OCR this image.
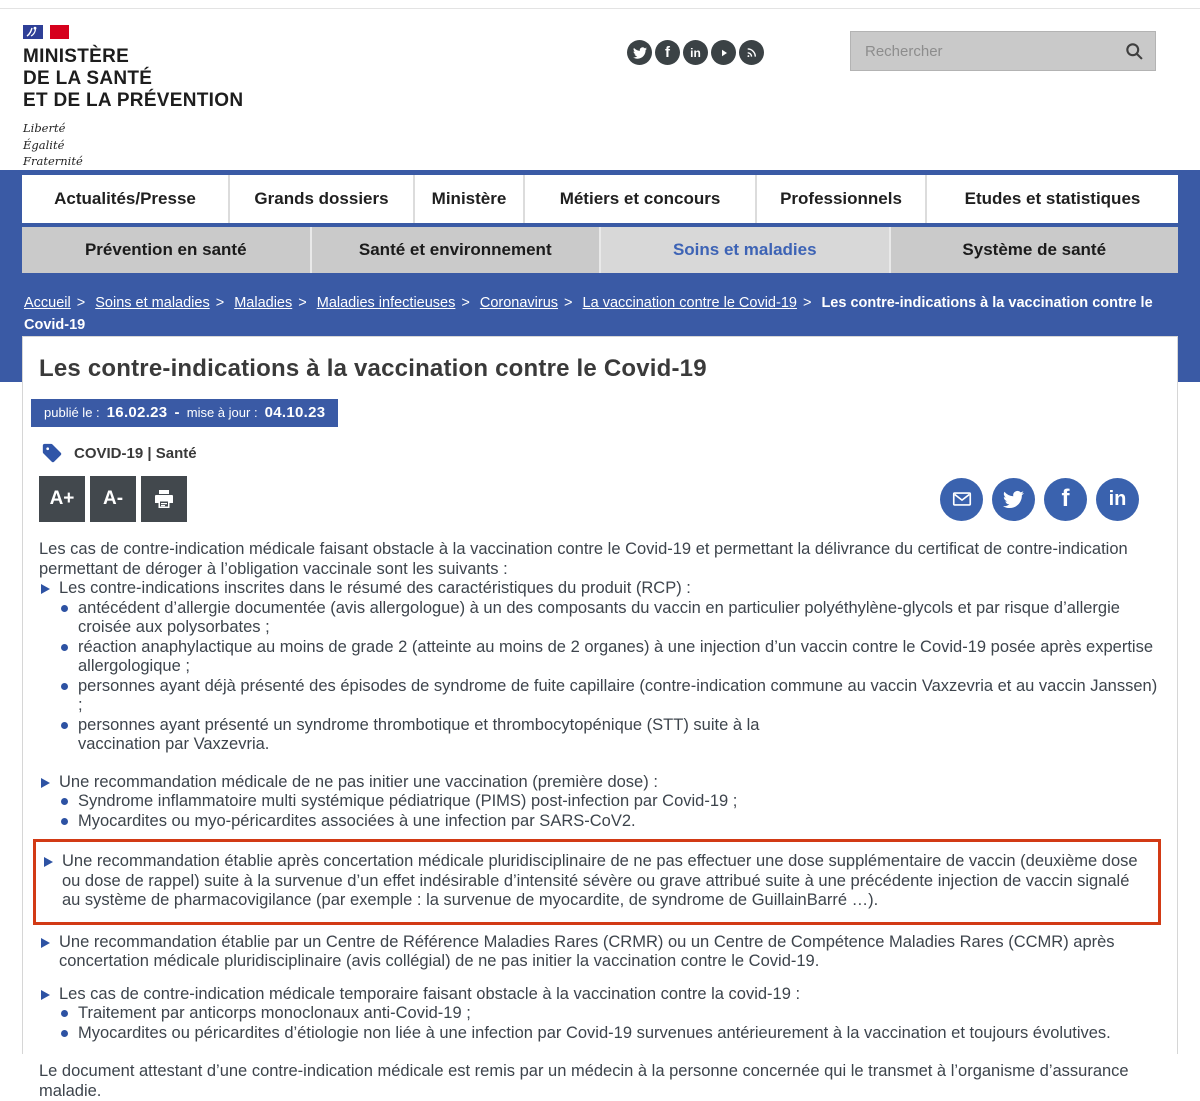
MINISTÈRE
DE LA SANTÉ
ET DE LA PRÉVENTION
Liberté
Égalité
Fraternité
f in
Rechercher
Actualités/Presse	Grands dossiers	Ministère	Métiers et concours	Professionnels	Etudes et statistiques
Prévention en santé	Santé et environnement	Soins et maladies	Système de santé
Accueil > Soins et maladies > Maladies > Maladies infectieuses > Coronavirus > La vaccination contre le Covid-19 > Les contre-indications à la vaccination contre le Covid-19
Les contre-indications à la vaccination contre le Covid-19
publié le : 16.02.23 - mise à jour : 04.10.23
COVID-19 | Santé
A+	A-	f in

Les cas de contre-indication médicale faisant obstacle à la vaccination contre le Covid-19 et permettant la délivrance du certificat de contre-indication permettant de déroger à l’obligation vaccinale sont les suivants :

Les contre-indications inscrites dans le résumé des caractéristiques du produit (RCP) :
antécédent d’allergie documentée (avis allergologue) à un des composants du vaccin en particulier polyéthylène-glycols et par risque d’allergie croisée aux polysorbates ;
réaction anaphylactique au moins de grade 2 (atteinte au moins de 2 organes) à une injection d’un vaccin contre le Covid-19 posée après expertise allergologique ;
personnes ayant déjà présenté des épisodes de syndrome de fuite capillaire (contre-indication commune au vaccin Vaxzevria et au vaccin Janssen) ;
personnes ayant présenté un syndrome thrombotique et thrombocytopénique (STT) suite à la
vaccination par Vaxzevria.
Une recommandation médicale de ne pas initier une vaccination (première dose) :
Syndrome inflammatoire multi systémique pédiatrique (PIMS) post-infection par Covid-19 ;
Myocardites ou myo-péricardites associées à une infection par SARS-CoV2.
Une recommandation établie après concertation médicale pluridisciplinaire de ne pas effectuer une dose supplémentaire de vaccin (deuxième dose ou dose de rappel) suite à la survenue d’un effet indésirable d’intensité sévère ou grave attribué suite à une précédente injection de vaccin signalé au système de pharmacovigilance (par exemple : la survenue de myocardite, de syndrome de GuillainBarré …).
Une recommandation établie par un Centre de Référence Maladies Rares (CRMR) ou un Centre de Compétence Maladies Rares (CCMR) après concertation médicale pluridisciplinaire (avis collégial) de ne pas initier la vaccination contre le Covid-19.
Les cas de contre-indication médicale temporaire faisant obstacle à la vaccination contre la covid-19 :
Traitement par anticorps monoclonaux anti-Covid-19 ;
Myocardites ou péricardites d’étiologie non liée à une infection par Covid-19 survenues antérieurement à la vaccination et toujours évolutives.

Le document attestant d’une contre-indication médicale est remis par un médecin à la personne concernée qui le transmet à l’organisme d’assurance maladie.
